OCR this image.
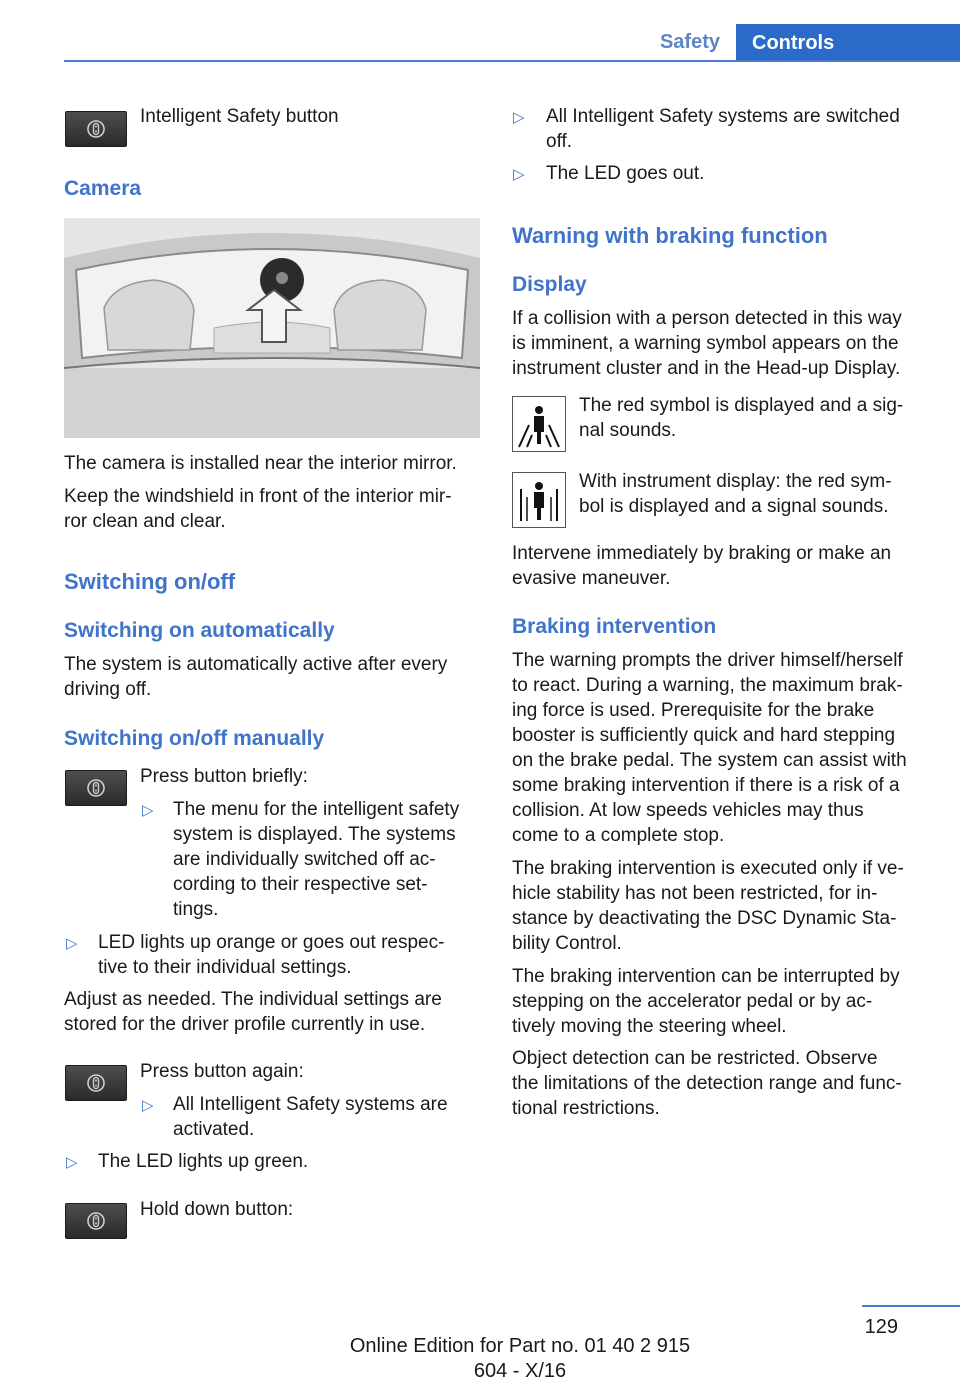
Safety	Controls
Intelligent Safety button
Camera
The camera is installed near the interior mirror.
Keep the windshield in front of the interior mir‐
ror clean and clear.
Switching on/off
Switching on automatically
The system is automatically active after every
driving off.
Switching on/off manually
Press button briefly:
▷ The menu for the intelligent safety
system is displayed. The systems
are individually switched off ac‐
cording to their respective set‐
tings.
▷ LED lights up orange or goes out respec‐
tive to their individual settings.
Adjust as needed. The individual settings are
stored for the driver profile currently in use.
Press button again:
▷ All Intelligent Safety systems are
activated.
▷ The LED lights up green.
Hold down button:
▷ All Intelligent Safety systems are switched
off.
▷ The LED goes out.
Warning with braking function
Display
If a collision with a person detected in this way
is imminent, a warning symbol appears on the
instrument cluster and in the Head-up Display.
The red symbol is displayed and a sig‐
nal sounds.
With instrument display: the red sym‐
bol is displayed and a signal sounds.
Intervene immediately by braking or make an
evasive maneuver.
Braking intervention
The warning prompts the driver himself/herself
to react. During a warning, the maximum brak‐
ing force is used. Prerequisite for the brake
booster is sufficiently quick and hard stepping
on the brake pedal. The system can assist with
some braking intervention if there is a risk of a
collision. At low speeds vehicles may thus
come to a complete stop.
The braking intervention is executed only if ve‐
hicle stability has not been restricted, for in‐
stance by deactivating the DSC Dynamic Sta‐
bility Control.
The braking intervention can be interrupted by
stepping on the accelerator pedal or by ac‐
tively moving the steering wheel.
Object detection can be restricted. Observe
the limitations of the detection range and func‐
tional restrictions.
129
Online Edition for Part no. 01 40 2 915 604 - X/16
